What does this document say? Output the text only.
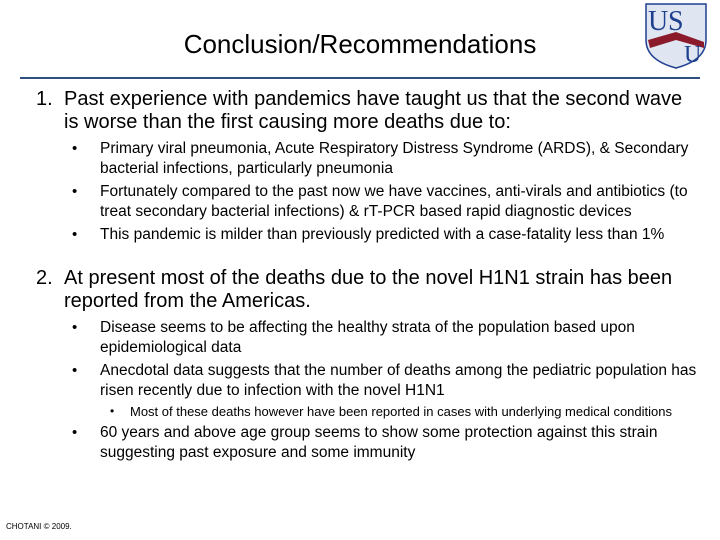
U S
U
Conclusion/Recommendations
1. Past experience with pandemics have taught us that the second wave is worse than the first causing more deaths due to:
• Primary viral pneumonia, Acute Respiratory Distress Syndrome (ARDS), & Secondary bacterial infections, particularly pneumonia
• Fortunately compared to the past now we have vaccines, anti-virals and antibiotics (to treat secondary bacterial infections) & rT-PCR based rapid diagnostic devices
• This pandemic is milder than previously predicted with a case-fatality less than 1%
2. At present most of the deaths due to the novel H1N1 strain has been reported from the Americas.
• Disease seems to be affecting the healthy strata of the population based upon epidemiological data
• Anecdotal data suggests that the number of deaths among the pediatric population has risen recently due to infection with the novel H1N1
• Most of these deaths however have been reported in cases with underlying medical conditions
• 60 years and above age group seems to show some protection against this strain suggesting past exposure and some immunity
CHOTANI © 2009.
